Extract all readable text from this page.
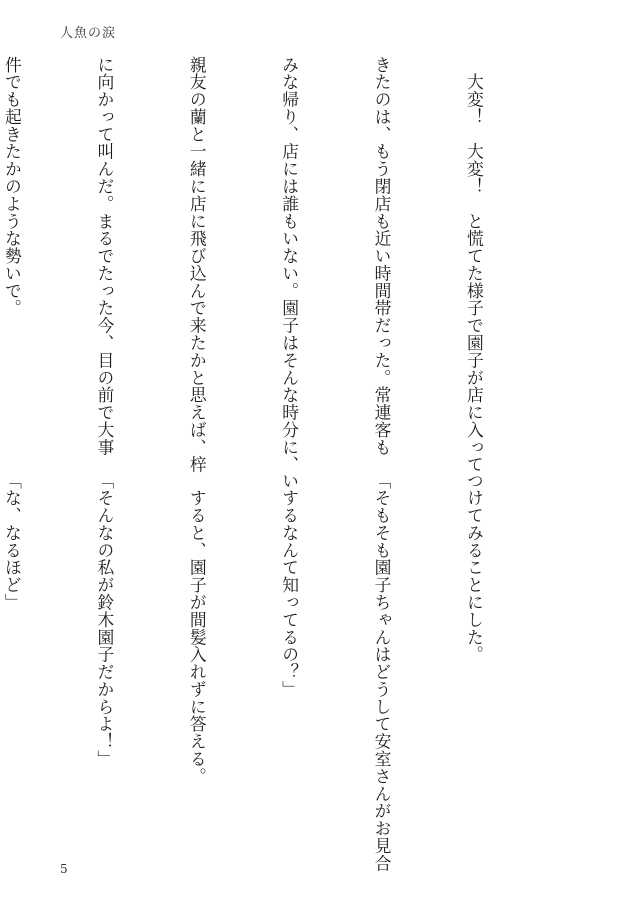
人魚の涙

　大変！　大変！　と慌てた様子で園子が店に入って

きたのは、もう閉店も近い時間帯だった。常連客も

みな帰り、店には誰もいない。園子はそんな時分に、

親友の蘭と一緒に店に飛び込んで来たかと思えば、梓

に向かって叫んだ。まるでたった今、目の前で大事

件でも起きたかのような勢いで。

つけてみることにした。

「そもそも園子ちゃんはどうして安室さんがお見合

いするなんて知ってるの？」

　すると、園子が間髪入れずに答える。

「そんなの私が鈴木園子だからよ！」

「な、なるほど」

5
